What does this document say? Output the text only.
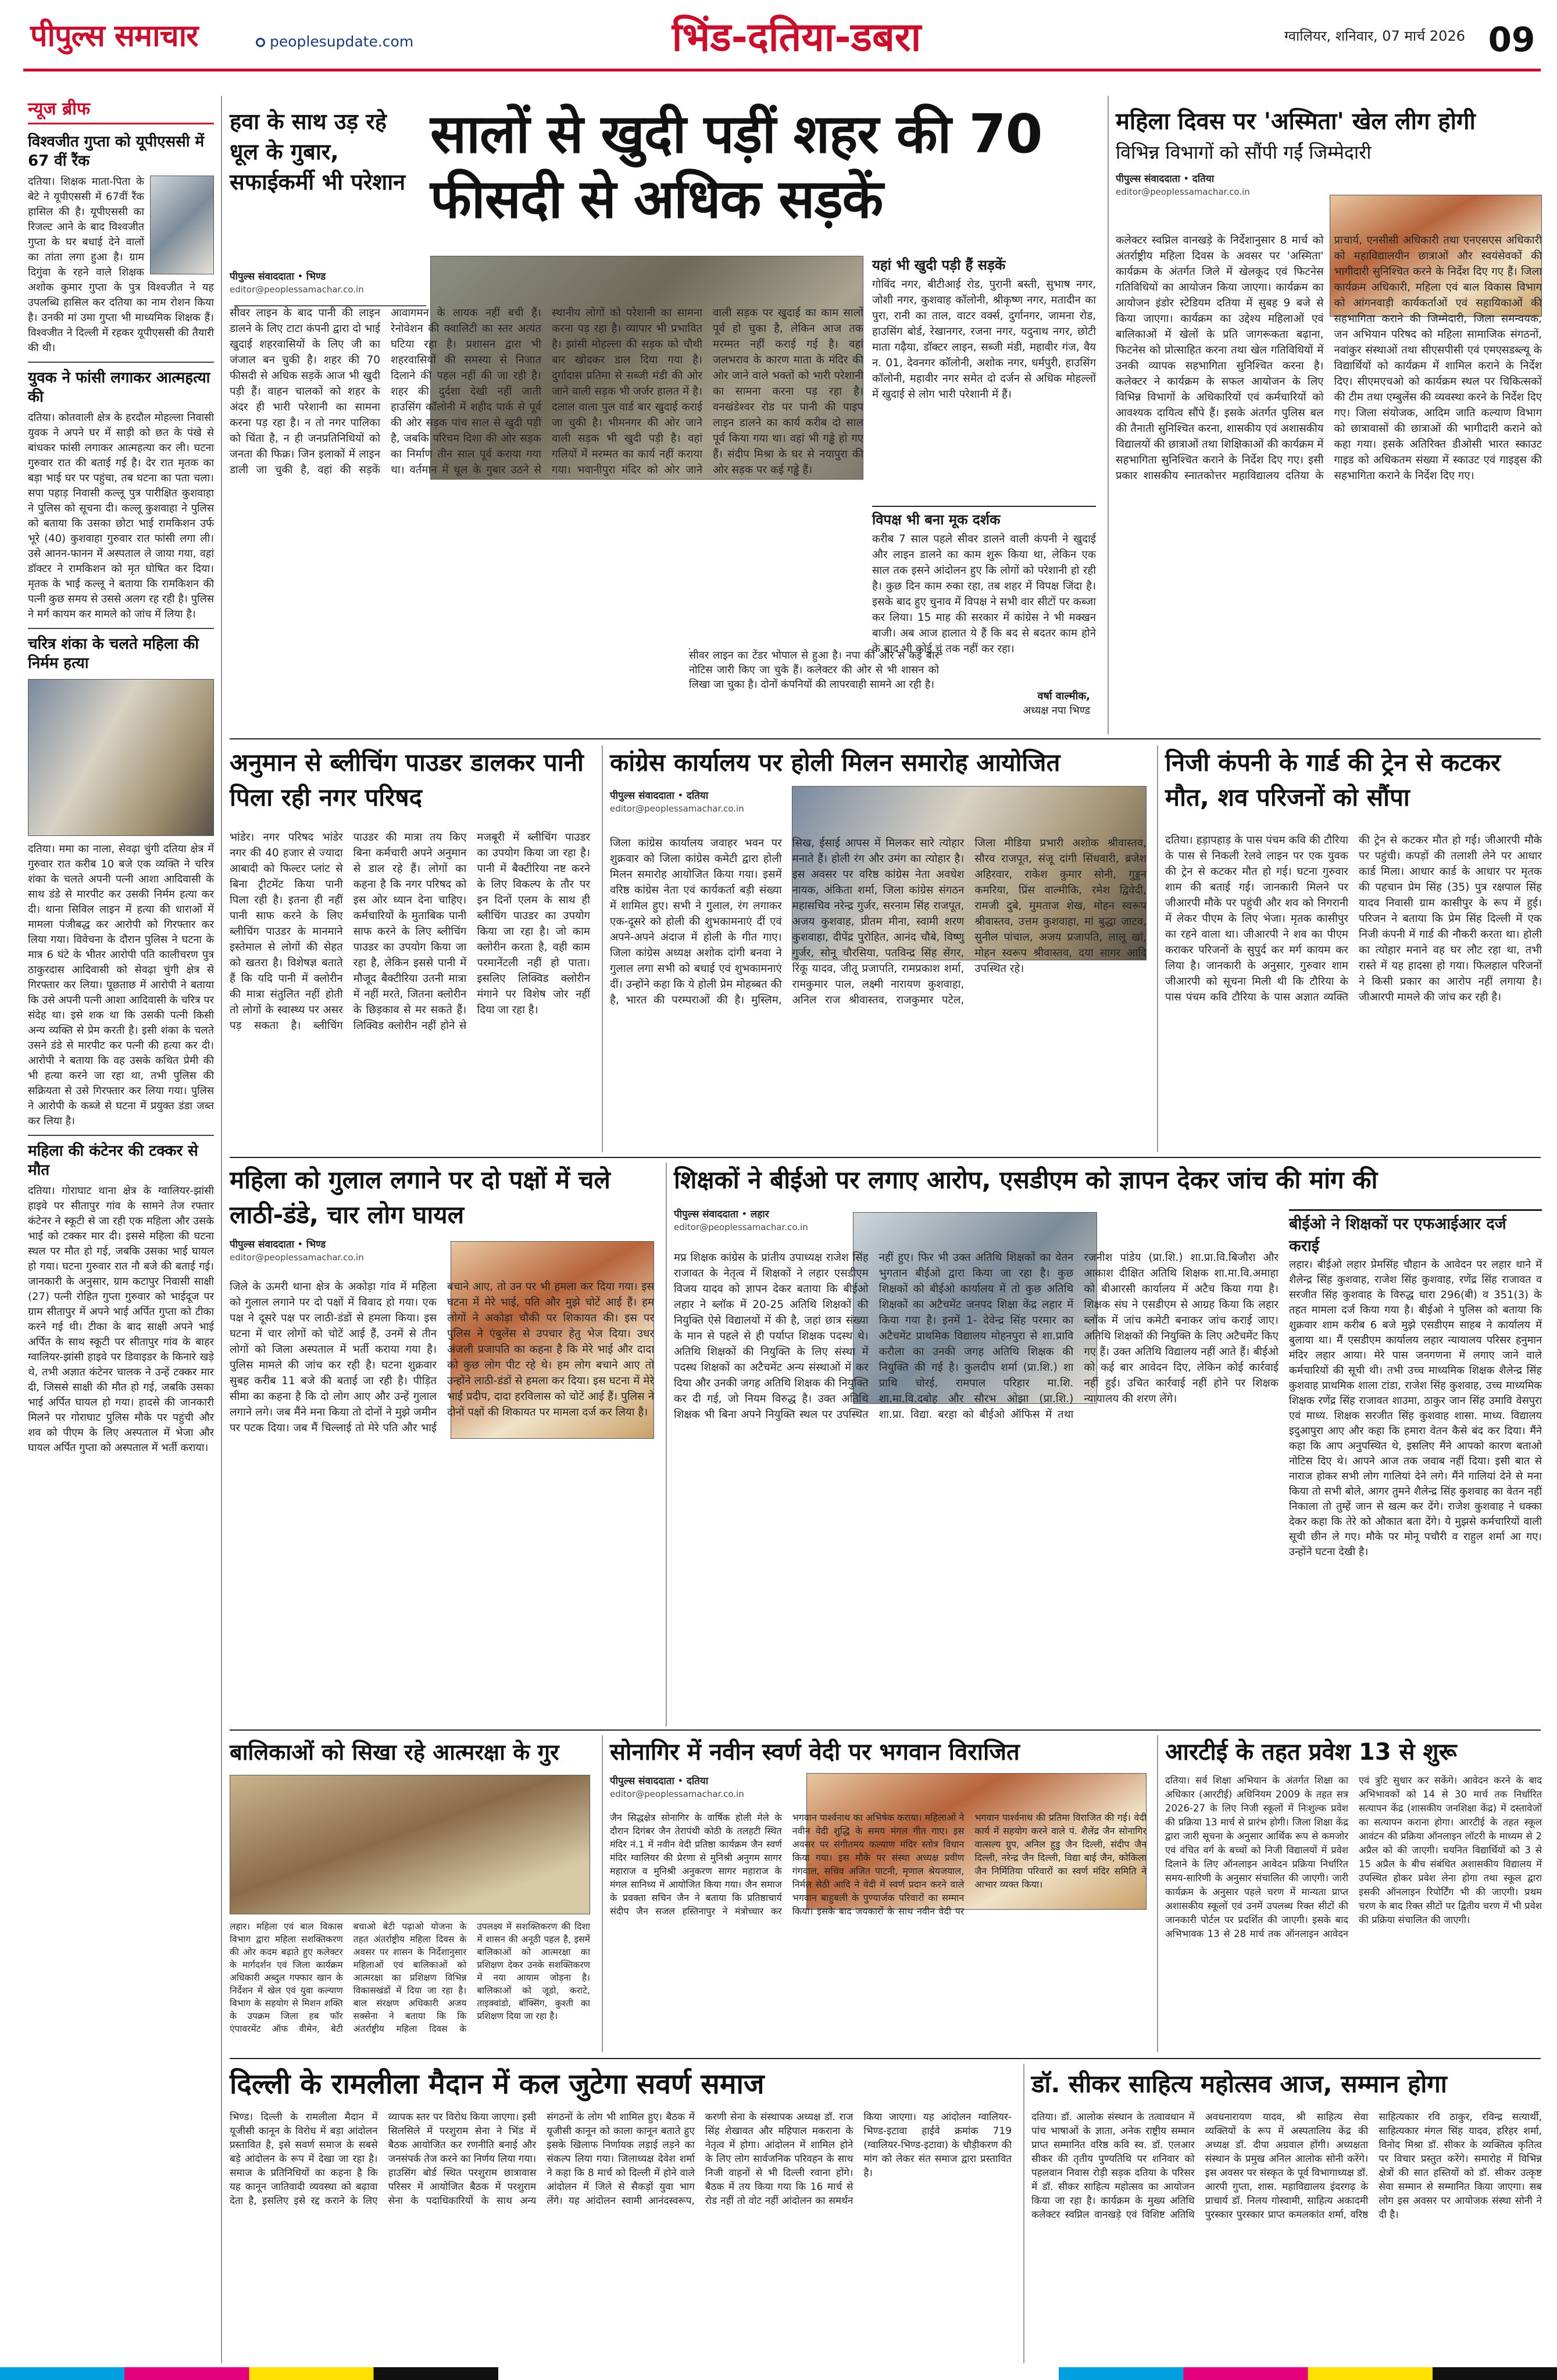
पीपुल्स समाचार	peoplesupdate.com	भिंड-दतिया-डबरा	ग्वालियर, शनिवार, 07 मार्च 2026 09
न्यूज ब्रीफ
विश्वजीत गुप्ता को यूपीएससी में 67 वीं रैंक
दतिया। शिक्षक माता-पिता के बेटे ने यूपीएससी में 67वीं रैंक हासिल की है। यूपीएससी का रिजल्ट आने के बाद विश्वजीत गुप्ता के घर बधाई देने वालों का तांता लगा हुआ है। ग्राम दिगुंवा के रहने वाले शिक्षक अशोक कुमार गुप्ता के पुत्र विश्वजीत ने यह उपलब्धि हासिल कर दतिया का नाम रोशन किया है। उनकी मां उमा गुप्ता भी माध्यमिक शिक्षक हैं। विश्वजीत ने दिल्ली में रहकर यूपीएससी की तैयारी की थी।
युवक ने फांसी लगाकर आत्महत्या की
दतिया। कोतवाली क्षेत्र के हरदौल मोहल्ला निवासी युवक ने अपने घर में साड़ी को छत के पंखे से बांधकर फांसी लगाकर आत्महत्या कर ली। घटना गुरुवार रात की बताई गई है। देर रात मृतक का बड़ा भाई घर पर पहुंचा, तब घटना का पता चला। सपा पहाड़ निवासी कल्लू पुत्र पारीक्षित कुशवाहा ने पुलिस को सूचना दी। कल्लू कुशवाहा ने पुलिस को बताया कि उसका छोटा भाई रामकिशन उर्फ भूरे (40) कुशवाहा गुरुवार रात फांसी लगा ली। उसे आनन-फानन में अस्पताल ले जाया गया, वहां डॉक्टर ने रामकिशन को मृत घोषित कर दिया। मृतक के भाई कल्लू ने बताया कि रामकिशन की पत्नी कुछ समय से उससे अलग रह रही है। पुलिस ने मर्ग कायम कर मामले को जांच में लिया है।
चरित्र शंका के चलते महिला की निर्मम हत्या
दतिया। ममा का नाला, सेवढ़ा चुंगी दतिया क्षेत्र में गुरुवार रात करीब 10 बजे एक व्यक्ति ने चरित्र शंका के चलते अपनी पत्नी आशा आदिवासी के साथ डंडे से मारपीट कर उसकी निर्मम हत्या कर दी। थाना सिविल लाइन में हत्या की धाराओं में मामला पंजीबद्ध कर आरोपी को गिरफ्तार कर लिया गया। विवेचना के दौरान पुलिस ने घटना के मात्र 6 घंटे के भीतर आरोपी पति कालीचरण पुत्र ठाकुरदास आदिवासी को सेवढ़ा चुंगी क्षेत्र से गिरफ्तार कर लिया। पूछताछ में आरोपी ने बताया कि उसे अपनी पत्नी आशा आदिवासी के चरित्र पर संदेह था। इसे शक था कि उसकी पत्नी किसी अन्य व्यक्ति से प्रेम करती है। इसी शंका के चलते उसने डंडे से मारपीट कर पत्नी की हत्या कर दी। आरोपी ने बताया कि वह उसके कथित प्रेमी की भी हत्या करने जा रहा था, तभी पुलिस की सक्रियता से उसे गिरफ्तार कर लिया गया। पुलिस ने आरोपी के कब्जे से घटना में प्रयुक्त डंडा जब्त कर लिया है।
महिला की कंटेनर की टक्कर से मौत
दतिया। गोराघाट थाना क्षेत्र के ग्वालियर-झांसी हाइवे पर सीतापुर गांव के सामने तेज रफ्तार कंटेनर ने स्कूटी से जा रही एक महिला और उसके भाई को टक्कर मार दी। इससे महिला की घटना स्थल पर मौत हो गई, जबकि उसका भाई घायल हो गया। घटना गुरुवार रात नौ बजे की बताई गई। जानकारी के अनुसार, ग्राम कटापुर निवासी साक्षी (27) पत्नी रोहित गुप्ता गुरुवार को भाईदूज पर ग्राम सीतापुर में अपने भाई अर्पित गुप्ता को टीका करने गई थी। टीका के बाद साक्षी अपने भाई अर्पित के साथ स्कूटी पर सीतापुर गांव के बाहर ग्वालियर-झांसी हाइवे पर डिवाइडर के किनारे खड़े थे, तभी अज्ञात कंटेनर चालक ने उन्हें टक्कर मार दी, जिससे साक्षी की मौत हो गई, जबकि उसका भाई अर्पित घायल हो गया। हादसे की जानकारी मिलने पर गोराघाट पुलिस मौके पर पहुंची और शव को पीएम के लिए अस्पताल में भेजा और घायल अर्पित गुप्ता को अस्पताल में भर्ती कराया।
हवा के साथ उड़ रहे धूल के गुबार, सफाईकर्मी भी परेशान
सालों से खुदी पड़ीं शहर की 70 फीसदी से अधिक सड़कें
पीपुल्स संवाददाता • भिण्ड
editor@peoplessamachar.co.in
सीवर लाइन के बाद पानी की लाइन डालने के लिए टाटा कंपनी द्वारा दो भाई खुदाई शहरवासियों के लिए जी का जंजाल बन चुकी है। शहर की 70 फीसदी से अधिक सड़कें आज भी खुदी पड़ी हैं। वाहन चालकों को शहर के अंदर ही भारी परेशानी का सामना करना पड़ रहा है। न तो नगर पालिका को चिंता है, न ही जनप्रतिनिधियों को जनता की फिक्र। जिन इलाकों में लाइन डाली जा चुकी है, वहां की सड़कें आवागमन के लायक नहीं बची हैं। रेनोवेशन की क्वालिटी का स्तर अत्यंत घटिया रहा है। प्रशासन द्वारा भी शहरवासियों की समस्या से निजात दिलाने की पहल नहीं की जा रही है। शहर की दुर्दशा देखी नहीं जाती हाउसिंग कॉलोनी में शहीद पार्क से पूर्व की ओर सड़क पांच साल से खुदी पड़ी है, जबकि परिचम दिशा की ओर सड़क का निर्माण तीन साल पूर्व कराया गया था। वर्तमान में धूल के गुबार उठने से स्थानीय लोगों को परेशानी का सामना करना पड़ रहा है। व्यापार भी प्रभावित है। झांसी मोहल्ला की सड़क को चौथी बार खोदकर डाल दिया गया है। दुर्गादास प्रतिमा से सब्जी मंडी की ओर जाने वाली सड़क भी जर्जर हालत में है। दलाल वाला पुल वार्ड बार खुदाई कराई जा चुकी है। भीमनगर की ओर जाने वाली सड़क भी खुदी पड़ी है। वहां गलियों में मरम्मत का कार्य नहीं कराया गया। भवानीपुरा मंदिर को ओर जाने वाली सड़क पर खुदाई का काम सालों पूर्व हो चुका है, लेकिन आज तक मरम्मत नहीं कराई गई है। वहां जलभराव के कारण माता के मंदिर की ओर जाने वाले भक्तों को भारी परेशानी का सामना करना पड़ रहा है। वनखंडेश्वर रोड पर पानी की पाइप लाइन डालने का कार्य करीब दो साल पूर्व किया गया था। वहां भी गड्ढे हो गए हैं। संदीप मिश्रा के घर से नयापुरा की ओर सड़क पर कई गड्ढे हैं।
यहां भी खुदी पड़ी हैं सड़कें
गोविंद नगर, बीटीआई रोड, पुरानी बस्ती, सुभाष नगर, जोशी नगर, कुशवाह कॉलोनी, श्रीकृष्ण नगर, मतादीन का पुरा, रानी का ताल, वाटर वर्क्स, दुर्गानगर, जामना रोड, हाउसिंग बोर्ड, रेखानगर, रजना नगर, यदुनाथ नगर, छोटी माता गढ़ैया, डॉक्टर लाइन, सब्जी मंडी, महावीर गंज, वैय न. 01, देवनगर कॉलोनी, अशोक नगर, धर्मपुरी, हाउसिंग कॉलोनी, महावीर नगर समेत दो दर्जन से अधिक मोहल्लों में खुदाई से लोग भारी परेशानी में हैं।
विपक्ष भी बना मूक दर्शक
करीब 7 साल पहले सीवर डालने वाली कंपनी ने खुदाई और लाइन डालने का काम शुरू किया था, लेकिन एक साल तक इसने आंदोलन हुए कि लोगों को परेशानी हो रही है। कुछ दिन काम रुका रहा, तब शहर में विपक्ष जिंदा है। इसके बाद हुए चुनाव में विपक्ष ने सभी वार सीटों पर कब्जा कर लिया। 15 माह की सरकार में कांग्रेस ने भी मक्खन बाजी। अब आज हालात ये हैं कि बद से बदतर काम होने के बाद भी कोई चुं तक नहीं कर रहा।
सीवर लाइन का टेंडर भोपाल से हुआ है। नपा की ओर से कई बार नोटिस जारी किए जा चुके हैं। कलेक्टर की ओर से भी शासन को लिखा जा चुका है। दोनों कंपनियों की लापरवाही सामने आ रही है।
वर्षा वाल्मीक,
अध्यक्ष नपा भिण्ड
महिला दिवस पर 'अस्मिता' खेल लीग होगी
विभिन्न विभागों को सौंपी गईं जिम्मेदारी
पीपुल्स संवाददाता • दतिया
editor@peoplessamachar.co.in
कलेक्टर स्वप्निल वानखड़े के निर्देशानुसार 8 मार्च को अंतर्राष्ट्रीय महिला दिवस के अवसर पर 'अस्मिता' कार्यक्रम के अंतर्गत जिले में खेलकूद एवं फिटनेस गतिविधियों का आयोजन किया जाएगा। कार्यक्रम का आयोजन इंडोर स्टेडियम दतिया में सुबह 9 बजे से किया जाएगा। कार्यक्रम का उद्देश्य महिलाओं एवं बालिकाओं में खेलों के प्रति जागरूकता बढ़ाना, फिटनेस को प्रोत्साहित करना तथा खेल गतिविधियों में उनकी व्यापक सहभागिता सुनिश्चित करना है। कलेक्टर ने कार्यक्रम के सफल आयोजन के लिए विभिन्न विभागों के अधिकारियों एवं कर्मचारियों को आवश्यक दायित्व सौंपे हैं। इसके अंतर्गत पुलिस बल की तैनाती सुनिश्चित करना, शासकीय एवं अशासकीय विद्यालयों की छात्राओं तथा शिक्षिकाओं की कार्यक्रम में सहभागिता सुनिश्चित कराने के निर्देश दिए गए। इसी प्रकार शासकीय स्नातकोत्तर महाविद्यालय दतिया के प्राचार्य, एनसीसी अधिकारी तथा एनएसएस अधिकारी को महाविद्यालयीन छात्राओं और स्वयंसेवकों की भागीदारी सुनिश्चित करने के निर्देश दिए गए हैं। जिला कार्यक्रम अधिकारी, महिला एवं बाल विकास विभाग को आंगनवाड़ी कार्यकर्ताओं एवं सहायिकाओं की सहभागिता कराने की जिम्मेदारी, जिला समन्वयक, जन अभियान परिषद को महिला सामाजिक संगठनों, नवांकुर संस्थाओं तथा सीएसपीसी एवं एमएसडब्ल्यू के विद्यार्थियों को कार्यक्रम में शामिल कराने के निर्देश दिए। सीएमएचओ को कार्यक्रम स्थल पर चिकित्सकों की टीम तथा एम्बुलेंस की व्यवस्था करने के निर्देश दिए गए। जिला संयोजक, आदिम जाति कल्याण विभाग को छात्रावासों की छात्राओं की भागीदारी कराने को कहा गया। इसके अतिरिक्त डीओसी भारत स्काउट गाइड को अधिकतम संख्या में स्काउट एवं गाइड्स की सहभागिता कराने के निर्देश दिए गए।
अनुमान से ब्लीचिंग पाउडर डालकर पानी पिला रही नगर परिषद
भांडेर। नगर परिषद भांडेर नगर की 40 हजार से ज्यादा आबादी को फिल्टर प्लांट से बिना ट्रीटमेंट किया पानी पिला रही है। इतना ही नहीं पानी साफ करने के लिए ब्लीचिंग पाउडर के मानमाने इस्तेमाल से लोगों की सेहत को खतरा है। विशेषज्ञ बताते हैं कि यदि पानी में क्लोरीन की मात्रा संतुलित नहीं होती तो लोगों के स्वास्थ्य पर असर पड़ सकता है। ब्लीचिंग पाउडर की मात्रा तय किए बिना कर्मचारी अपने अनुमान से डाल रहे हैं। लोगों का कहना है कि नगर परिषद को इस ओर ध्यान देना चाहिए। कर्मचारियों के मुताबिक पानी साफ करने के लिए ब्लीचिंग पाउडर का उपयोग किया जा रहा है, लेकिन इससे पानी में मौजूद बैक्टीरिया उतनी मात्रा में नहीं मरते, जितना क्लोरीन के छिड़काव से मर सकते हैं। लिक्विड क्लोरीन नहीं होने से मजबूरी में ब्लीचिंग पाउडर का उपयोग किया जा रहा है। पानी में बैक्टीरिया नष्ट करने के लिए विकल्प के तौर पर इन दिनों एलम के साथ ही ब्लीचिंग पाउडर का उपयोग किया जा रहा है। जो काम क्लोरीन करता है, वही काम परमानेंटली नहीं हो पाता। इसलिए लिक्विड क्लोरीन मंगाने पर विशेष जोर नहीं दिया जा रहा है।
कांग्रेस कार्यालय पर होली मिलन समारोह आयोजित
पीपुल्स संवाददाता • दतिया
editor@peoplessamachar.co.in
जिला कांग्रेस कार्यालय जवाहर भवन पर शुक्रवार को जिला कांग्रेस कमेटी द्वारा होली मिलन समारोह आयोजित किया गया। इसमें वरिष्ठ कांग्रेस नेता एवं कार्यकर्ता बड़ी संख्या में शामिल हुए। सभी ने गुलाल, रंग लगाकर एक-दूसरे को होली की शुभकामनाएं दीं एवं अपने-अपने अंदाज में होली के गीत गाए। जिला कांग्रेस अध्यक्ष अशोक दांगी बनवा ने गुलाल लगा सभी को बधाई एवं शुभकामनाएं दीं। उन्होंने कहा कि ये होली प्रेम मोहब्बत की है, भारत की परम्पराओं की है। मुस्लिम, सिख, ईसाई आपस में मिलकर सारे त्योहार मनाते हैं। होली रंग और उमंग का त्योहार है। इस अवसर पर वरिष्ठ कांग्रेस नेता अवधेश नायक, अंकिता शर्मा, जिला कांग्रेस संगठन महासचिव नरेन्द्र गुर्जर, सरनाम सिंह राजपूत, अजय कुशवाह, प्रीतम मीना, स्वामी शरण कुशवाहा, दीपेंद्र पुरोहित, आनंद चौबे, विष्णु गुर्जर, सोनू चौरसिया, पतविन्द्र सिंह सेंगर, रिंकू यादव, जीतू प्रजापति, रामप्रकाश शर्मा, रामकुमार पाल, लक्ष्मी नारायण कुशवाहा, अनिल राज श्रीवास्तव, राजकुमार पटेल, जिला मीडिया प्रभारी अशोक श्रीवास्तव, सौरव राजपूत, संजू दांगी सिंधवारी, ब्रजेश अहिरवार, राकेश कुमार सोनी, गुड्डन कमरिया, प्रिंस वाल्मीकि, रमेश द्विवेदी, रामजी दुबे, मुमताज शेख, मोहन स्वरूप श्रीवास्तव, उत्तम कुशवाहा, मां बुद्धा जाटव, सुनील पांचाल, अजय प्रजापति, लालू खां, मोहन स्वरूप श्रीवास्तव, दया सागर आदि उपस्थित रहे।
निजी कंपनी के गार्ड की ट्रेन से कटकर मौत, शव परिजनों को सौंपा
दतिया। हड़ापहाड़ के पास पंचम कवि की टौरिया के पास से निकली रेलवे लाइन पर एक युवक की ट्रेन से कटकर मौत हो गई। घटना गुरुवार शाम की बताई गई। जानकारी मिलने पर जीआरपी मौके पर पहुंची और शव को निगरानी में लेकर पीएम के लिए भेजा। मृतक कासीपुर का रहने वाला था। जीआरपी ने शव का पीएम कराकर परिजनों के सुपुर्द कर मर्ग कायम कर लिया है। जानकारी के अनुसार, गुरुवार शाम जीआरपी को सूचना मिली थी कि टौरिया के पास पंचम कवि टौरिया के पास अज्ञात व्यक्ति की ट्रेन से कटकर मौत हो गई। जीआरपी मौके पर पहुंची। कपड़ों की तलाशी लेने पर आधार कार्ड मिला। आधार कार्ड के आधार पर मृतक की पहचान प्रेम सिंह (35) पुत्र रक्षपाल सिंह यादव निवासी ग्राम कासीपुर के रूप में हुई। परिजन ने बताया कि प्रेम सिंह दिल्ली में एक निजी कंपनी में गार्ड की नौकरी करता था। होली का त्योहार मनाने वह घर लौट रहा था, तभी रास्ते में यह हादसा हो गया। फिलहाल परिजनों ने किसी प्रकार का आरोप नहीं लगाया है। जीआरपी मामले की जांच कर रही है।
महिला को गुलाल लगाने पर दो पक्षों में चले लाठी-डंडे, चार लोग घायल
पीपुल्स संवाददाता • भिण्ड
editor@peoplessamachar.co.in
जिले के ऊमरी थाना क्षेत्र के अकोड़ा गांव में महिला को गुलाल लगाने पर दो पक्षों में विवाद हो गया। एक पक्ष ने दूसरे पक्ष पर लाठी-डंडों से हमला किया। इस घटना में चार लोगों को चोटें आई हैं, उनमें से तीन लोगों को जिला अस्पताल में भर्ती कराया गया है। पुलिस मामले की जांच कर रही है। घटना शुक्रवार सुबह करीब 11 बजे की बताई जा रही है। पीड़ित सीमा का कहना है कि दो लोग आए और उन्हें गुलाल लगाने लगे। जब मैंने मना किया तो दोनों ने मुझे जमीन पर पटक दिया। जब मैं चिल्लाई तो मेरे पति और भाई बचाने आए, तो उन पर भी हमला कर दिया गया। इस घटना में मेरे भाई, पति और मुझे चोटें आई हैं। हम लोगों ने अकोड़ा चौकी पर शिकायत की। इस पर पुलिस ने एंबुलेंस से उपचार हेतु भेज दिया। उधर अंजली प्रजापति का कहना है कि मेरे भाई और दादा को कुछ लोग पीट रहे थे। हम लोग बचाने आए तो उन्होंने लाठी-डंडों से हमला कर दिया। इस घटना में मेरे भाई प्रदीप, दादा हरविलास को चोटें आई हैं। पुलिस ने दोनों पक्षों की शिकायत पर मामला दर्ज कर लिया है।
शिक्षकों ने बीईओ पर लगाए आरोप, एसडीएम को ज्ञापन देकर जांच की मांग की
पीपुल्स संवाददाता • लहार
editor@peoplessamachar.co.in
मप्र शिक्षक कांग्रेस के प्रांतीय उपाध्यक्ष राजेश सिंह राजावत के नेतृत्व में शिक्षकों ने लहार एसडीएम विजय यादव को ज्ञापन देकर बताया कि बीईओ लहार ने ब्लॉक में 20-25 अतिथि शिक्षकों की नियुक्ति ऐसे विद्यालयों में की है, जहां छात्र संख्या के मान से पहले से ही पर्याप्त शिक्षक पदस्थ थे। अतिथि शिक्षकों की नियुक्ति के लिए संस्था में पदस्थ शिक्षकों का अटैचमेंट अन्य संस्थाओं में कर दिया और उनकी जगह अतिथि शिक्षक की नियुक्ति कर दी गई, जो नियम विरुद्ध है। उक्त अतिथि शिक्षक भी बिना अपने नियुक्ति स्थल पर उपस्थित नहीं हुए। फिर भी उक्त अतिथि शिक्षकों का वेतन भुगतान बीईओ द्वारा किया जा रहा है। कुछ शिक्षकों को बीईओ कार्यालय में तो कुछ अतिथि शिक्षकों का अटैचमेंट जनपद शिक्षा केंद्र लहार में किया गया है। इनमें 1- देवेन्द्र सिंह परमार का अटैचमेंट प्राथमिक विद्यालय मोहनपुरा से शा.प्रावि करौला का उनकी जगह अतिथि शिक्षक की नियुक्ति की गई है। कुलदीप शर्मा (प्रा.शि.) शा प्राथि चोरई, रामपाल परिहार मा.शि. शा.मा.वि.दबोह और सौरभ ओझा (प्रा.शि.) शा.प्रा. विद्या. बरहा को बीईओ ऑफिस में तथा रजनीश पांडेय (प्रा.शि.) शा.प्रा.वि.बिजौरा और आकाश दीक्षित अतिथि शिक्षक शा.मा.वि.अमाहा को बीआरसी कार्यालय में अटैच किया गया है। शिक्षक संघ ने एसडीएम से आग्रह किया कि लहार ब्लॉक में जांच कमेटी बनाकर जांच कराई जाए। अतिथि शिक्षकों की नियुक्ति के लिए अटैचमेंट किए गए हैं। उक्त अतिथि विद्यालय नहीं आते हैं। बीईओ को कई बार आवेदन दिए, लेकिन कोई कार्रवाई नहीं हुई। उचित कार्रवाई नहीं होने पर शिक्षक न्यायालय की शरण लेंगे।
बीईओ ने शिक्षकों पर एफआईआर दर्ज कराई
लहार। बीईओ लहार प्रेमसिंह चौहान के आवेदन पर लहार थाने में शैलेन्द्र सिंह कुशवाह, राजेश सिंह कुशवाह, रणेंद्र सिंह राजावत व सरजीत सिंह कुशवाह के विरुद्ध धारा 296(बी) व 351(3) के तहत मामला दर्ज किया गया है। बीईओ ने पुलिस को बताया कि शुक्रवार शाम करीब 6 बजे मुझे एसडीएम साहब ने कार्यालय में बुलाया था। मैं एसडीएम कार्यालय लहार न्यायालय परिसर हनुमान मंदिर लहार आया। मेरे पास जनगणना में लगाए जाने वाले कर्मचारियों की सूची थी। तभी उच्च माध्यमिक शिक्षक शैलेन्द्र सिंह कुशवाह प्राथमिक शाला टांडा, राजेश सिंह कुशवाह, उच्च माध्यमिक शिक्षक रणेंद्र सिंह राजावत शाउमा, ठाकुर जान सिंह उमावि वेसपुरा एवं माध्य. शिक्षक सरजीत सिंह कुशवाह शासा. माध्य. विद्यालय इदुआपुरा आए और कहा कि हमारा वेतन कैसे बंद कर दिया। मैंने कहा कि आप अनुपस्थित थे, इसलिए मैंने आपको कारण बताओ नोटिस दिए थे। आपने आज तक जवाब नहीं दिया। इसी बात से नाराज होकर सभी लोग गालियां देने लगे। मैंने गालियां देने से मना किया तो सभी बोले, आगर तुमने शैलेन्द्र सिंह कुशवाह का वेतन नहीं निकाला तो तुम्हें जान से खत्म कर देंगे। राजेश कुशवाह ने धक्का देकर कहा कि तेरे को औकात बता देंगे। ये मुझसे कर्मचारियों वाली सूची छीन ले गए। मौके पर मोनू पचौरी व राहुल शर्मा आ गए। उन्होंने घटना देखी है।
बालिकाओं को सिखा रहे आत्मरक्षा के गुर
लहार। महिला एवं बाल विकास विभाग द्वारा महिला सशक्तिकरण की ओर कदम बढ़ाते हुए कलेक्टर के मार्गदर्शन एवं जिला कार्यक्रम अधिकारी अब्दुल गफ्फार खान के निर्देशन में खेल एवं युवा कल्याण विभाग के सहयोग से मिशन शक्ति के उपक्रम जिला हब फॉर एंपावरमेंट ऑफ वीमेन, बेटी बचाओ बेटी पढ़ाओ योजना के तहत अंतर्राष्ट्रीय महिला दिवस के अवसर पर शासन के निर्देशानुसार महिलाओं एवं बालिकाओं को आत्मरक्षा का प्रशिक्षण विभिन्न विकासखंडों में दिया जा रहा है। बाल संरक्षण अधिकारी अजय सक्सेना ने बताया कि कि अंतर्राष्ट्रीय महिला दिवस के उपलक्ष्य में सशक्तिकरण की दिशा में शासन की अनूठी पहल है, इसमें बालिकाओं को आत्मरक्षा का प्रशिक्षण देकर उनके सशक्तिकरण में नया आयाम जोड़ना है। बालिकाओं को जूडो, कराटे, ताइक्वांडो, बॉक्सिंग, कुश्ती का प्रशिक्षण दिया जा रहा है।
सोनागिर में नवीन स्वर्ण वेदी पर भगवान विराजित
पीपुल्स संवाददाता • दतिया
editor@peoplessamachar.co.in
जैन सिद्धक्षेत्र सोनागिर के वार्षिक होली मेले के दौरान दिगंबर जैन तेरापंथी कोठी के तलहटी स्थित मंदिर नं.1 में नवीन वेदी प्रतिष्ठा कार्यक्रम जैन स्वर्ण मंदिर ग्वालियर की प्रेरणा से मुनिश्री अनुगम सागर महाराज व मुनिश्री अनुकरण सागर महाराज के मंगल सानिध्य में आयोजित किया गया। जैन समाज के प्रवक्ता सचिन जैन ने बताया कि प्रतिष्ठाचार्य संदीप जैन सजल हस्तिनापुर ने मंत्रोच्चार कर भगवान पार्श्वनाथ का अभिषेक कराया। महिलाओं ने नवीन वेदी शुद्धि के समय मंगल गीत गाए। इस अवसर पर संगीतमय कल्याण मंदिर स्तोत्र विधान किया गया। इस मौके पर संस्था अध्यक्ष प्रवीण गंगवाल, सचिव अजित पाटनी, मृणाल श्रेयजयाल, निर्मल सेठी आदि ने वेदी में स्वर्ण प्रदान करने वाले भगवान बाहुबली के पुण्यार्जक परिवारों का सम्मान किया। इसके बाद जयकारों के साथ नवीन वेदी पर भगवान पार्श्वनाथ की प्रतिमा विराजित की गई। वेदी कार्य में सहयोग करने वाले पं. शैलेंद्र जैन सोनागिर वात्सल्य ग्रुप, अनिल हुडु जैन दिल्ली, संदीप जैन दिल्ली, नरेन्द्र जैन दिल्ली, विद्या बाई जैन, कोकिला जैन निर्मितिया परिवारों का स्वर्ण मंदिर समिति ने आभार व्यक्त किया।
आरटीई के तहत प्रवेश 13 से शुरू
दतिया। सर्व शिक्षा अभियान के अंतर्गत शिक्षा का अधिकार (आरटीई) अधिनियम 2009 के तहत सत्र 2026-27 के लिए निजी स्कूलों में निःशुल्क प्रवेश की प्रक्रिया 13 मार्च से प्रारंभ होगी। जिला शिक्षा केंद्र द्वारा जारी सूचना के अनुसार आर्थिक रूप से कमजोर एवं वंचित वर्ग के बच्चों को निजी विद्यालयों में प्रवेश दिलाने के लिए ऑनलाइन आवेदन प्रक्रिया निर्धारित समय-सारिणी के अनुसार संचालित की जाएगी। जारी कार्यक्रम के अनुसार पहले चरण में मान्यता प्राप्त अशासकीय स्कूलों एवं उनमें उपलब्ध रिक्त सीटों की जानकारी पोर्टल पर प्रदर्शित की जाएगी। इसके बाद अभिभावक 13 से 28 मार्च तक ऑनलाइन आवेदन एवं त्रुटि सुधार कर सकेंगे। आवेदन करने के बाद अभिभावकों को 14 से 30 मार्च तक निर्धारित सत्यापन केंद्र (शासकीय जनशिक्षा केंद्र) में दस्तावेजों का सत्यापन कराना होगा। आरटीई के तहत स्कूल आवंटन की प्रक्रिया ऑनलाइन लॉटरी के माध्यम से 2 अप्रैल को की जाएगी। चयनित विद्यार्थियों को 3 से 15 अप्रैल के बीच संबंधित अशासकीय विद्यालय में उपस्थित होकर प्रवेश लेना होगा तथा स्कूल द्वारा इसकी ऑनलाइन रिपोर्टिंग भी की जाएगी। प्रथम चरण के बाद रिक्त सीटों पर द्वितीय चरण में भी प्रवेश की प्रक्रिया संचालित की जाएगी।
दिल्ली के रामलीला मैदान में कल जुटेगा सवर्ण समाज
भिण्ड। दिल्ली के रामलीला मैदान में यूजीसी कानून के विरोध में बड़ा आंदोलन प्रस्तावित है, इसे सवर्ण समाज के सबसे बड़े आंदोलन के रूप में देखा जा रहा है। समाज के प्रतिनिधियों का कहना है कि यह कानून जातिवादी व्यवस्था को बढ़ावा देता है, इसलिए इसे रद्द कराने के लिए व्यापक स्तर पर विरोध किया जाएगा। इसी सिलसिले में परशुराम सेना ने भिंड में बैठक आयोजित कर रणनीति बनाई और जनसंपर्क तेज करने का निर्णय लिया गया। हाउसिंग बोर्ड स्थित परशुराम छात्रावास परिसर में आयोजित बैठक में परशुराम सेना के पदाधिकारियों के साथ अन्य संगठनों के लोग भी शामिल हुए। बैठक में यूजीसी कानून को काला कानून बताते हुए इसके खिलाफ निर्णायक लड़ाई लड़ने का संकल्प लिया गया। जिलाध्यक्ष देवेश शर्मा ने कहा कि 8 मार्च को दिल्ली में होने वाले आंदोलन में जिले से सैकड़ों युवा भाग लेंगे। यह आंदोलन स्वामी आनंदस्वरूप, करणी सेना के संस्थापक अध्यक्ष डॉ. राज सिंह शेखावत और महिपाल मकराना के नेतृत्व में होगा। आंदोलन में शामिल होने के लिए लोग सार्वजनिक परिवहन के साथ निजी वाहनों से भी दिल्ली रवाना होंगे। बैठक में तय किया गया कि 16 मार्च से रोड नहीं तो वोट नहीं आंदोलन का समर्थन किया जाएगा। यह आंदोलन ग्वालियर-भिण्ड-इटावा हाईवे क्रमांक 719 (ग्वालियर-भिण्ड-इटावा) के चौड़ीकरण की मांग को लेकर संत समाज द्वारा प्रस्तावित है।
डॉ. सीकर साहित्य महोत्सव आज, सम्मान होगा
दतिया। डॉ. आलोक संस्थान के तत्वावधान में पांच भाषाओं के ज्ञाता, अनेक राष्ट्रीय सम्मान प्राप्त सम्मानित वरिष्ठ कवि स्व. डॉ. एलआर सीकर की तृतीय पुण्यतिथि पर शनिवार को पहलवान निवास रोड़ी सड़क दतिया के परिसर में डॉ. सीकर साहित्य महोत्सव का आयोजन किया जा रहा है। कार्यक्रम के मुख्य अतिथि कलेक्टर स्वप्निल वानखड़े एवं विशिष्ट अतिथि अवधनारायण यादव, श्री साहित्य सेवा व्यक्तियों के रूप में अस्पतालिय केंद्र की अध्यक्ष डॉ. दीपा अग्रवाल होंगी। अध्यक्षता संस्थान के प्रमुख अनिल आलोक सोनी करेंगे। इस अवसर पर संस्कृत के पूर्व विभागाध्यक्ष डॉ. आरपी गुप्ता, शास. महाविद्यालय इंदरगढ़ के प्राचार्य डॉ. निलय गोस्वामी, साहित्य अकादमी पुरस्कार पुरस्कार प्राप्त कमलकांत शर्मा, वरिष्ठ साहित्यकार रवि ठाकुर, रविन्द्र सत्यार्थी, साहित्यकार मंगल सिंह यादव, हरिहर शर्मा, विनोद मिश्रा डॉ. सीकर के व्यक्तित्व कृतित्व पर विचार प्रस्तुत करेंगे। समारोह में विभिन्न क्षेत्रों की सात हस्तियों को डॉ. सीकर उत्कृष्ट सेवा सम्मान से सम्मानित किया जाएगा। सब लोग इस अवसर पर आयोजक संस्था सोनी ने दी है।
